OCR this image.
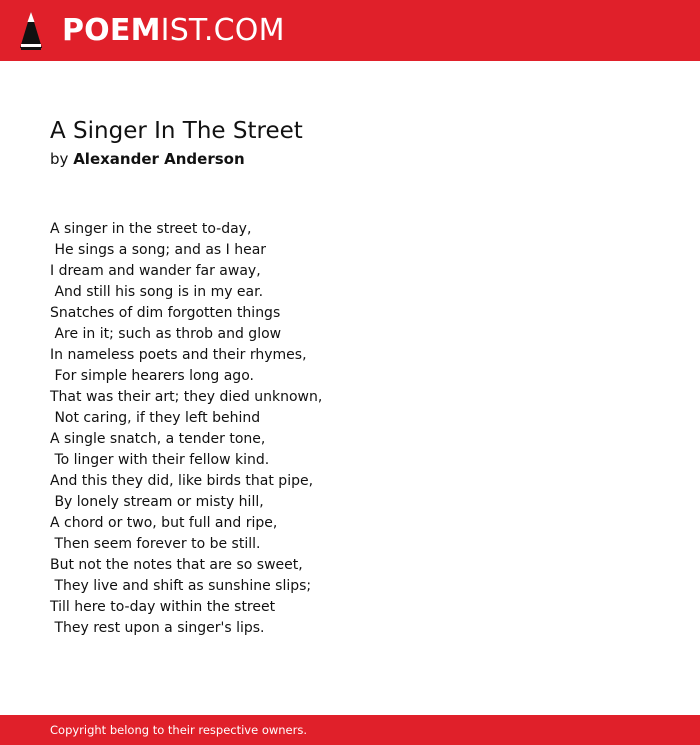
POEMIST.COM
A Singer In The Street
by Alexander Anderson
A singer in the street to-day,
He sings a song; and as I hear
I dream and wander far away,
And still his song is in my ear.
Snatches of dim forgotten things
Are in it; such as throb and glow
In nameless poets and their rhymes,
For simple hearers long ago.
That was their art; they died unknown,
Not caring, if they left behind
A single snatch, a tender tone,
To linger with their fellow kind.
And this they did, like birds that pipe,
By lonely stream or misty hill,
A chord or two, but full and ripe,
Then seem forever to be still.
But not the notes that are so sweet,
They live and shift as sunshine slips;
Till here to-day within the street
They rest upon a singer's lips.
Copyright belong to their respective owners.
